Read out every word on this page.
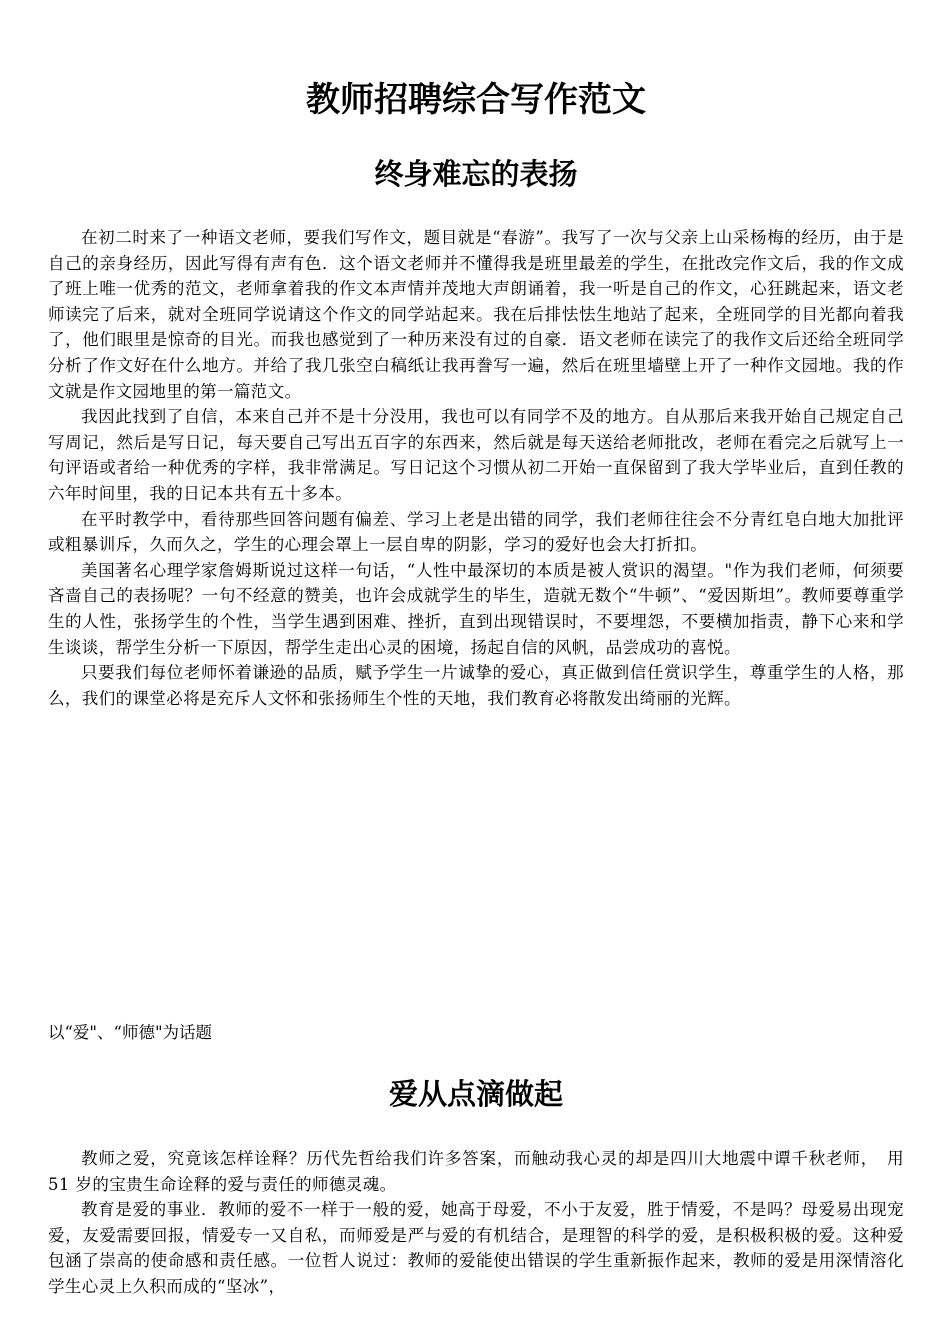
教师招聘综合写作范文
终身难忘的表扬

在初二时来了一种语文老师，要我们写作文，题目就是“春游”。我写了一次与父亲上山采杨梅的经历，由于是自己的亲身经历，因此写得有声有色．这个语文老师并不懂得我是班里最差的学生，在批改完作文后，我的作文成了班上唯一优秀的范文，老师拿着我的作文本声情并茂地大声朗诵着，我一听是自己的作文，心狂跳起来，语文老师读完了后来，就对全班同学说请这个作文的同学站起来。我在后排怯怯生地站了起来，全班同学的目光都向着我了，他们眼里是惊奇的目光。而我也感觉到了一种历来没有过的自豪．语文老师在读完了的我作文后还给全班同学分析了作文好在什么地方。并给了我几张空白稿纸让我再誊写一遍，然后在班里墙壁上开了一种作文园地。我的作文就是作文园地里的第一篇范文。

我因此找到了自信，本来自己并不是十分没用，我也可以有同学不及的地方。自从那后来我开始自己规定自己写周记，然后是写日记，每天要自己写出五百字的东西来，然后就是每天送给老师批改，老师在看完之后就写上一句评语或者给一种优秀的字样，我非常满足。写日记这个习惯从初二开始一直保留到了我大学毕业后，直到任教的六年时间里，我的日记本共有五十多本。

在平时教学中，看待那些回答问题有偏差、学习上老是出错的同学，我们老师往往会不分青红皂白地大加批评或粗暴训斥，久而久之，学生的心理会罩上一层自卑的阴影，学习的爱好也会大打折扣。

美国著名心理学家詹姆斯说过这样一句话，“人性中最深切的本质是被人赏识的渴望。"作为我们老师，何须要吝啬自己的表扬呢？一句不经意的赞美，也许会成就学生的毕生，造就无数个“牛顿”、“爱因斯坦”。教师要尊重学生的人性，张扬学生的个性，当学生遇到困难、挫折，直到出现错误时，不要埋怨，不要横加指责，静下心来和学生谈谈，帮学生分析一下原因，帮学生走出心灵的困境，扬起自信的风帆，品尝成功的喜悦。

只要我们每位老师怀着谦逊的品质，赋予学生一片诚挚的爱心，真正做到信任赏识学生，尊重学生的人格，那么，我们的课堂必将是充斥人文怀和张扬师生个性的天地，我们教育必将散发出绮丽的光辉。

以“爱"、“师德"为话题

爱从点滴做起

教师之爱，究竟该怎样诠释？历代先哲给我们许多答案，而触动我心灵的却是四川大地震中谭千秋老师，　用 51 岁的宝贵生命诠释的爱与责任的师德灵魂。

教育是爱的事业．教师的爱不一样于一般的爱，她高于母爱，不小于友爱，胜于情爱，不是吗？母爱易出现宠爱，友爱需要回报，情爱专一又自私，而师爱是严与爱的有机结合，是理智的科学的爱，是积极积极的爱。这种爱包涵了崇高的使命感和责任感。一位哲人说过：教师的爱能使出错误的学生重新振作起来，教师的爱是用深情溶化学生心灵上久积而成的“坚冰”，
